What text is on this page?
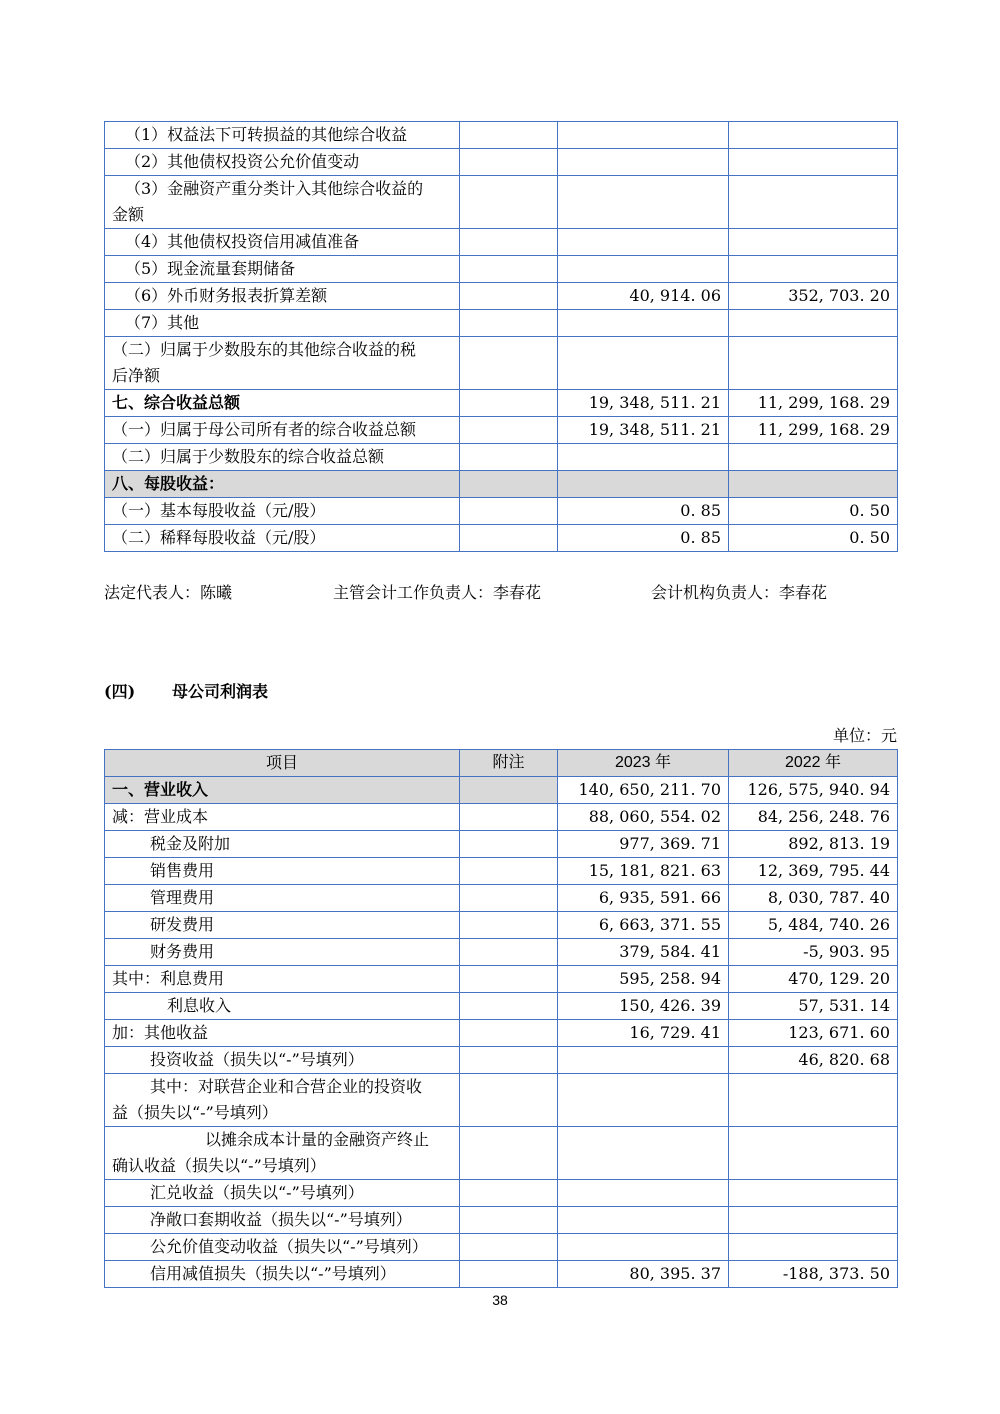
（1）权益法下可转损益的其他综合收益			
（2）其他债权投资公允价值变动			

（3）金融资产重分类计入其他综合收益的
金额			

（4）其他债权投资信用减值准备			
（5）现金流量套期储备			
（6）外币财务报表折算差额		40, 914. 06	352, 703. 20
（7）其他			

（二）归属于少数股东的其他综合收益的税
后净额			

七、综合收益总额		19, 348, 511. 21	11, 299, 168. 29
（一）归属于母公司所有者的综合收益总额		19, 348, 511. 21	11, 299, 168. 29
（二）归属于少数股东的综合收益总额			
八、每股收益：			
（一）基本每股收益（元/股）		0. 85	0. 50
（二）稀释每股收益（元/股）		0. 85	0. 50
法定代表人：陈曦	主管会计工作负责人：李春花	会计机构负责人：李春花
(四) 母公司利润表
单位：元
项目	附注	2023 年	2022 年
一、营业收入		140, 650, 211. 70	126, 575, 940. 94
减：营业成本		88, 060, 554. 02	84, 256, 248. 76
税金及附加		977, 369. 71	892, 813. 19
销售费用		15, 181, 821. 63	12, 369, 795. 44
管理费用		6, 935, 591. 66	8, 030, 787. 40
研发费用		6, 663, 371. 55	5, 484, 740. 26
财务费用		379, 584. 41	-5, 903. 95
其中：利息费用		595, 258. 94	470, 129. 20
利息收入		150, 426. 39	57, 531. 14
加：其他收益		16, 729. 41	123, 671. 60
投资收益（损失以“-”号填列）			46, 820. 68

其中：对联营企业和合营企业的投资收
益（损失以“-”号填列）			

以摊余成本计量的金融资产终止
确认收益（损失以“-”号填列）			

汇兑收益（损失以“-”号填列）			
净敞口套期收益（损失以“-”号填列）			
公允价值变动收益（损失以“-”号填列）			
信用减值损失（损失以“-”号填列）		80, 395. 37	-188, 373. 50
38
